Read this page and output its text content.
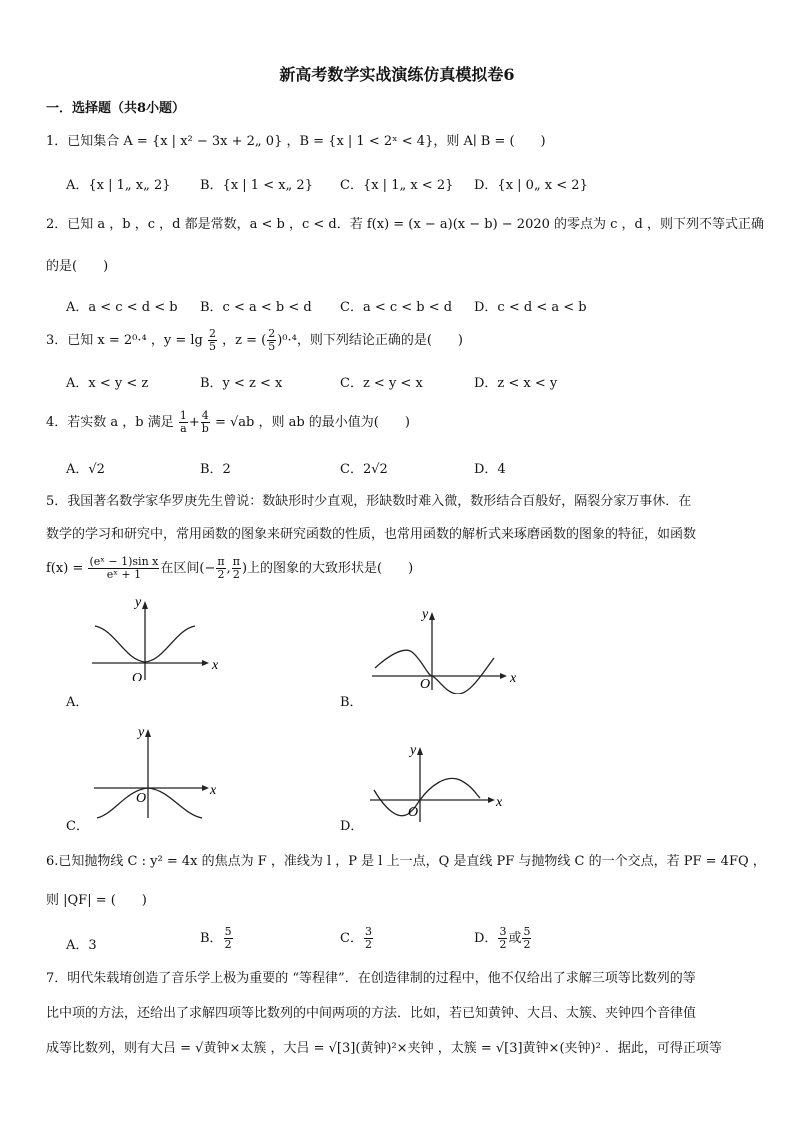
新高考数学实战演练仿真模拟卷6
一．选择题（共8小题）
1．已知集合 A = {x | x² − 3x + 2„ 0} ，B = {x | 1 < 2ˣ < 4}，则 A∣ B = (　　)
A．{x | 1„ x„ 2} B．{x | 1 < x„ 2} C．{x | 1„ x < 2} D．{x | 0„ x < 2}
2．已知 a ，b ，c ，d 都是常数，a < b ，c < d．若 f(x) = (x − a)(x − b) − 2020 的零点为 c ，d ，则下列不等式正确
的是(　　)
A．a < c < d < b B．c < a < b < d C．a < c < b < d D．c < d < a < b
3．已知 x = 2⁰·⁴ ，$y = \lg \frac{2}{5}$ ，z = ( $\frac{2}{5} )^0\cdot^4$，则下列结论正确的是(　　)
A．x < y < z	B．y < z < x	C．z < y < x	D．z < x < y
4．若实数 a ，b 满足 $\frac{1}{a} + \frac{4}{b} = √ab$ ，则 ab 的最小值为(　　)
A．√2	B．2	C．2√2	D．4
5．我国著名数学家华罗庚先生曾说：数缺形时少直观，形缺数时难入微，数形结合百般好，隔裂分家万事休．在
数学的学习和研究中，常用函数的图象来研究函数的性质，也常用函数的解析式来琢磨函数的图象的特征，如函数
$f(x) = \frac{\text{(eˣ − 1)sin x}}{\text{eˣ + 1}}$ 在区间(− $\frac{\pi}{2}$ , $\frac{\pi}{2}$ )上的图象的大致形状是(　　)
x
y
O
A．
x
y
O
B．
x
y
O
C．
x
y
O
D．
6.已知抛物线 C : y² = 4x 的焦点为 F ，准线为 l ，P 是 l 上一点，Q 是直线 PF 与抛物线 C 的一个交点，若 PF = 4FQ ，
则 |QF| = (　　)
A．3	B． $\frac{5}{2}$	C． $\frac{3}{2}$	D． $\frac{3}{2}$ 或 $\frac{5}{2}$
7．明代朱载堉创造了音乐学上极为重要的 “等程律”．在创造律制的过程中，他不仅给出了求解三项等比数列的等
比中项的方法，还给出了求解四项等比数列的中间两项的方法．比如，若已知黄钟、大吕、太簇、夹钟四个音律值
成等比数列，则有大吕 = √黄钟×太簇 ，大吕 = √[3](黄钟)²×夹钟 ，太簇 = √[3]黄钟×(夹钟)² ．据此，可得正项等
